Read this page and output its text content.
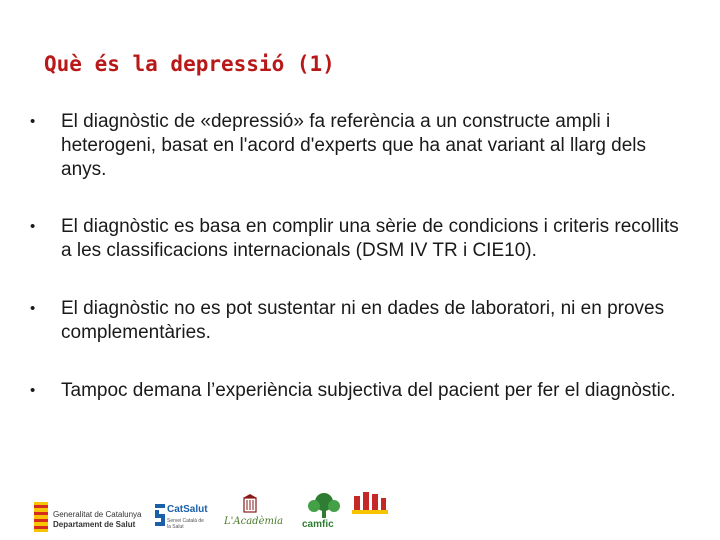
Què és la depressió (1)
•	El diagnòstic de «depressió» fa referència a un constructe ampli i heterogeni, basat en l'acord d'experts que ha anat variant al llarg dels anys.
•	El diagnòstic es basa en complir una sèrie de condicions i criteris recollits a les classificacions internacionals (DSM IV TR i CIE10).
•	El diagnòstic no es pot sustentar ni en dades de laboratori, ni en proves complementàries.
•	Tampoc demana l’experiència subjectiva del pacient per fer el diagnòstic.
Generalitat de Catalunya
Departament de Salut
CatSalut
Servei Català de la Salut	L'Acadèmia camfic
